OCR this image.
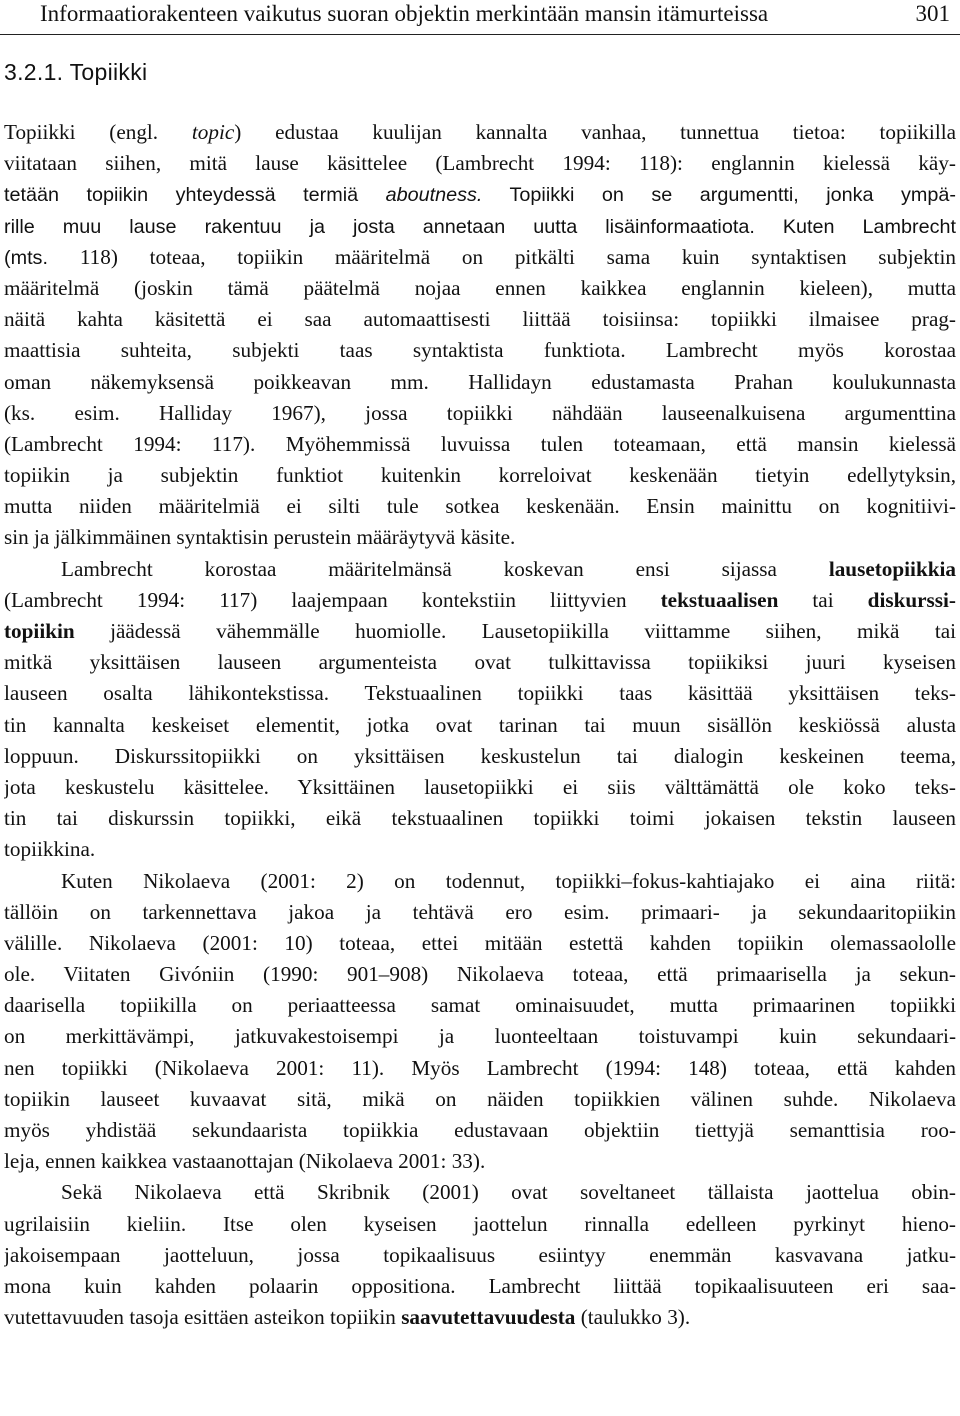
Informaatiorakenteen vaikutus suoran objektin merkintään mansin itämurteissa	301
3.2.1. Topiikki
Topiikki (engl. topic) edustaa kuulijan kannalta vanhaa, tunnettua tietoa: topiikilla
viitataan siihen, mitä lause käsittelee (Lambrecht 1994: 118): englannin kielessä käy-
tetään topiikin yhteydessä termiä aboutness. Topiikki on se argumentti, jonka ympä-
rille muu lause rakentuu ja josta annetaan uutta lisäinformaatiota. Kuten Lambrecht
(mts. 118) toteaa, topiikin määritelmä on pitkälti sama kuin syntaktisen subjektin
määritelmä (joskin tämä päätelmä nojaa ennen kaikkea englannin kieleen), mutta
näitä kahta käsitettä ei saa automaattisesti liittää toisiinsa: topiikki ilmaisee prag-
maattisia suhteita, subjekti taas syntaktista funktiota. Lambrecht myös korostaa
oman näkemyksensä poikkeavan mm. Hallidayn edustamasta Prahan koulukunnasta
(ks. esim. Halliday 1967), jossa topiikki nähdään lauseenalkuisena argumenttina
(Lambrecht 1994: 117). Myöhemmissä luvuissa tulen toteamaan, että mansin kielessä
topiikin ja subjektin funktiot kuitenkin korreloivat keskenään tietyin edellytyksin,
mutta niiden määritelmiä ei silti tule sotkea keskenään. Ensin mainittu on kognitiivi-
sin ja jälkimmäinen syntaktisin perustein määräytyvä käsite.
Lambrecht korostaa määritelmänsä koskevan ensi sijassa lausetopiikkia
(Lambrecht 1994: 117) laajempaan kontekstiin liittyvien tekstuaalisen tai diskurssi-
topiikin jäädessä vähemmälle huomiolle. Lausetopiikilla viittamme siihen, mikä tai
mitkä yksittäisen lauseen argumenteista ovat tulkittavissa topiikiksi juuri kyseisen
lauseen osalta lähikontekstissa. Tekstuaalinen topiikki taas käsittää yksittäisen teks-
tin kannalta keskeiset elementit, jotka ovat tarinan tai muun sisällön keskiössä alusta
loppuun. Diskurssitopiikki on yksittäisen keskustelun tai dialogin keskeinen teema,
jota keskustelu käsittelee. Yksittäinen lausetopiikki ei siis välttämättä ole koko teks-
tin tai diskurssin topiikki, eikä tekstuaalinen topiikki toimi jokaisen tekstin lauseen
topiikkina.
Kuten Nikolaeva (2001: 2) on todennut, topiikki–fokus-kahtiajako ei aina riitä:
tällöin on tarkennettava jakoa ja tehtävä ero esim. primaari- ja sekundaaritopiikin
välille. Nikolaeva (2001: 10) toteaa, ettei mitään estettä kahden topiikin olemassaololle
ole. Viitaten Givóniin (1990: 901–908) Nikolaeva toteaa, että primaarisella ja sekun-
daarisella topiikilla on periaatteessa samat ominaisuudet, mutta primaarinen topiikki
on merkittävämpi, jatkuvakestoisempi ja luonteeltaan toistuvampi kuin sekundaari-
nen topiikki (Nikolaeva 2001: 11). Myös Lambrecht (1994: 148) toteaa, että kahden
topiikin lauseet kuvaavat sitä, mikä on näiden topiikkien välinen suhde. Nikolaeva
myös yhdistää sekundaarista topiikkia edustavaan objektiin tiettyjä semanttisia roo-
leja, ennen kaikkea vastaanottajan (Nikolaeva 2001: 33).
Sekä Nikolaeva että Skribnik (2001) ovat soveltaneet tällaista jaottelua obin-
ugrilaisiin kieliin. Itse olen kyseisen jaottelun rinnalla edelleen pyrkinyt hieno-
jakoisempaan jaotteluun, jossa topikaalisuus esiintyy enemmän kasvavana jatku-
mona kuin kahden polaarin oppositiona. Lambrecht liittää topikaalisuuteen eri saa-
vutettavuuden tasoja esittäen asteikon topiikin saavutettavuudesta (taulukko 3).
